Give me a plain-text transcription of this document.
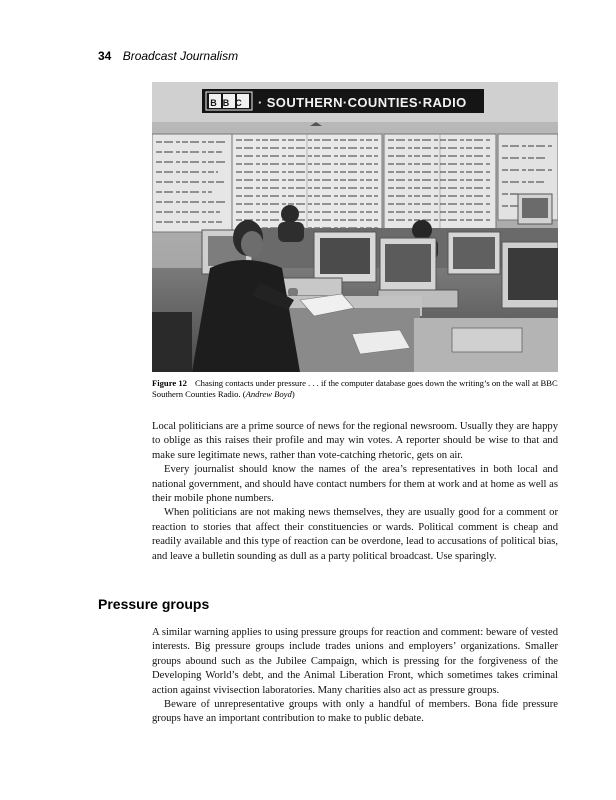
34 Broadcast Journalism
BBC · SOUTHERN·COUNTIES·RADIO
Figure 12 Chasing contacts under pressure . . . if the computer database goes down the writing’s on the wall at BBC Southern Counties Radio. (Andrew Boyd)

Local politicians are a prime source of news for the regional newsroom. Usually they are happy to oblige as this raises their profile and may win votes. A reporter should be wise to that and make sure legitimate news, rather than vote-catching rhetoric, gets on air.

Every journalist should know the names of the area’s representatives in both local and national government, and should have contact numbers for them at work and at home as well as their mobile phone numbers.

When politicians are not making news themselves, they are usually good for a comment or reaction to stories that affect their constituencies or wards. Political comment is cheap and readily available and this type of reaction can be overdone, lead to accusations of political bias, and leave a bulletin sounding as dull as a party political broadcast. Use sparingly.

Pressure groups

A similar warning applies to using pressure groups for reaction and comment: beware of vested interests. Big pressure groups include trades unions and employers’ organizations. Smaller groups abound such as the Jubilee Campaign, which is pressing for the forgiveness of the Developing World’s debt, and the Animal Liberation Front, which sometimes takes criminal action against vivisection laboratories. Many charities also act as pressure groups.

Beware of unrepresentative groups with only a handful of members. Bona fide pressure groups have an important contribution to make to public debate.
